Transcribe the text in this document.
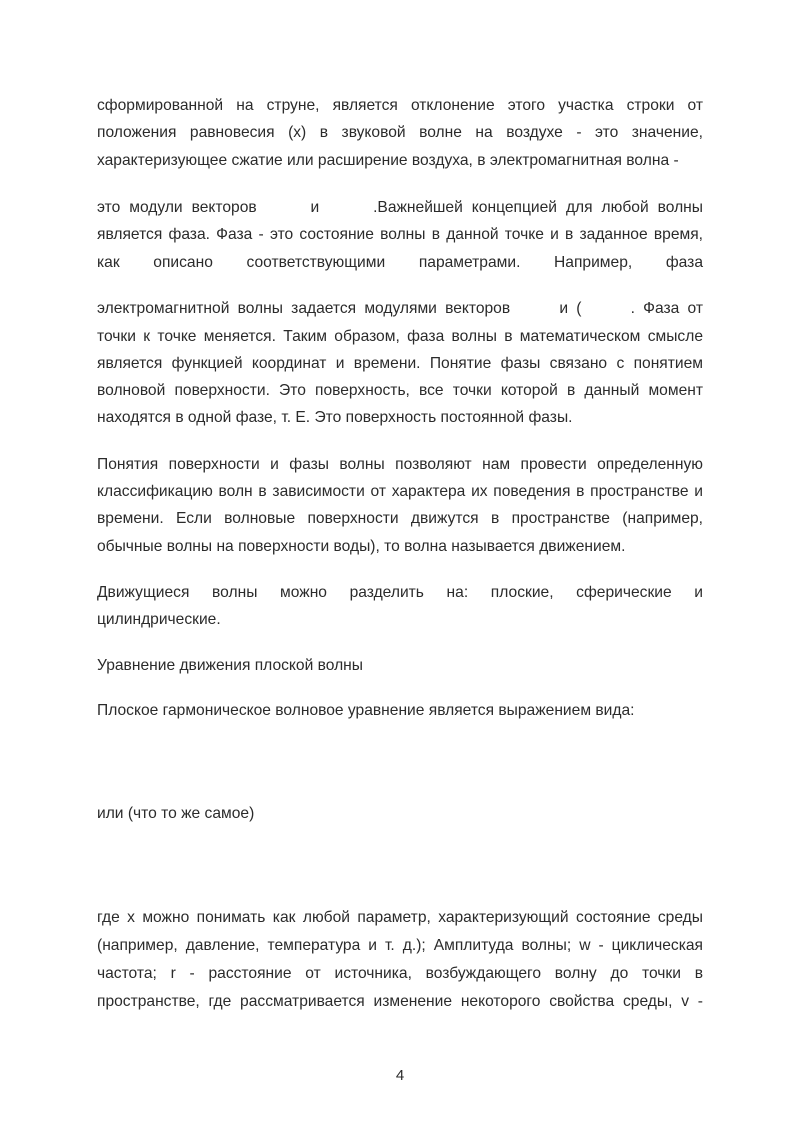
сформированной на струне, является отклонение этого участка строки от
положения равновесия (x) в звуковой волне на воздухе - это значение,
характеризующее сжатие или расширение воздуха, в электромагнитная волна -
это модули векторов      и      .Важнейшей концепцией для любой волны
является фаза. Фаза - это состояние волны в данной точке и в заданное время,
как описано соответствующими параметрами. Например, фаза
электромагнитной волны задается модулями векторов      и (      . Фаза от
точки к точке меняется. Таким образом, фаза волны в математическом смысле
является функцией координат и времени. Понятие фазы связано с понятием
волновой поверхности. Это поверхность, все точки которой в данный момент
находятся в одной фазе, т. Е. Это поверхность постоянной фазы.
Понятия поверхности и фазы волны позволяют нам провести определенную
классификацию волн в зависимости от характера их поведения в пространстве и
времени. Если волновые поверхности движутся в пространстве (например,
обычные волны на поверхности воды), то волна называется движением.
Движущиеся волны можно разделить на: плоские, сферические и
цилиндрические.
Уравнение движения плоской волны
Плоское гармоническое волновое уравнение является выражением вида:
или (что то же самое)
где x можно понимать как любой параметр, характеризующий состояние среды
(например, давление, температура и т. д.); Амплитуда волны; w - циклическая
частота; r - расстояние от источника, возбуждающего волну до точки в
пространстве, где рассматривается изменение некоторого свойства среды, v -
4
